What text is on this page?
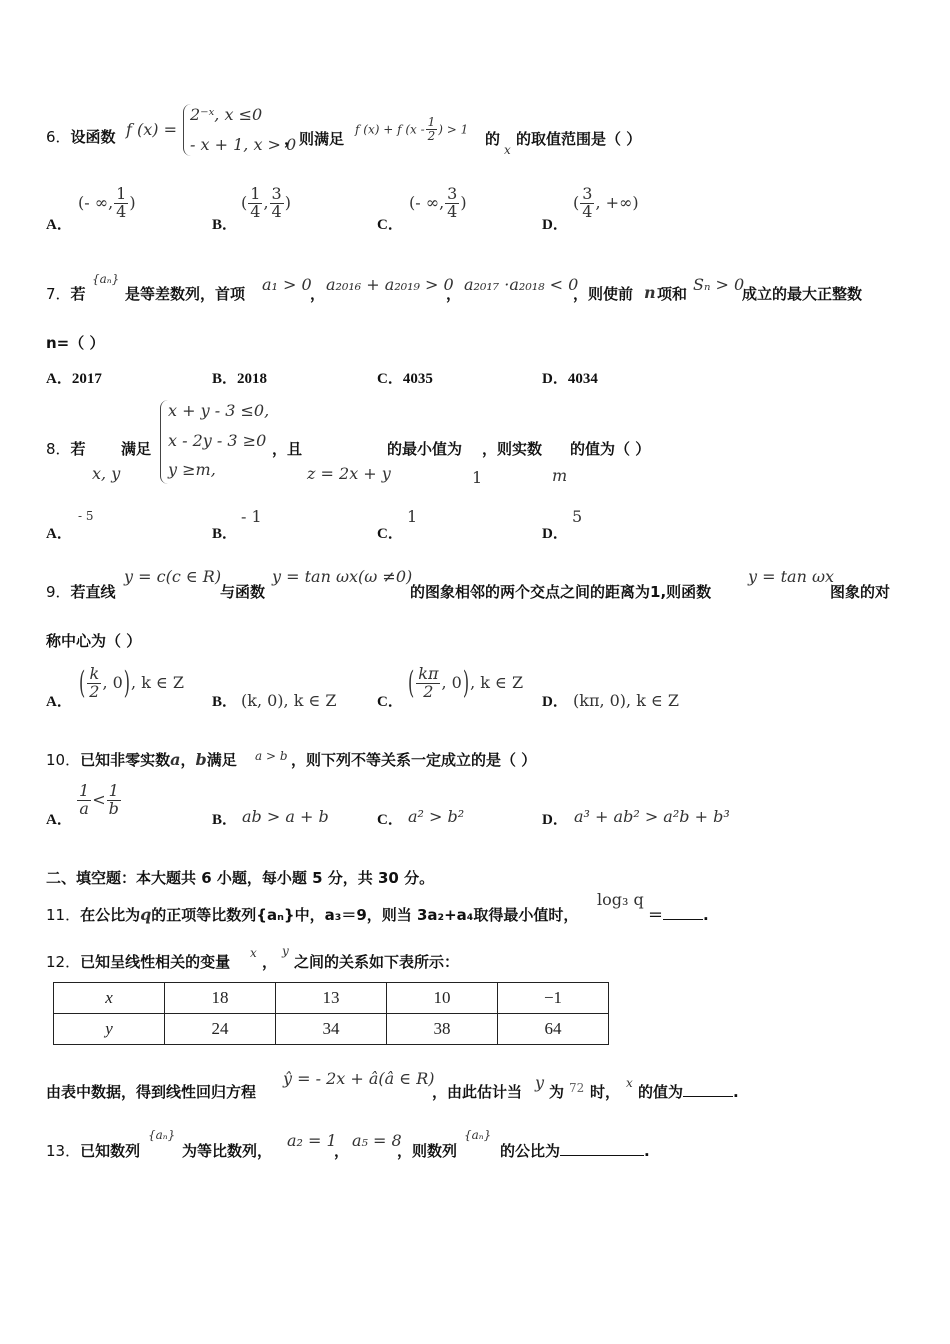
6．设函数 f (x) =
2⁻ˣ, x ≤0
- x + 1, x > 0
，则满足
f (x) + f ($x - \frac{1}{2}$ ) > 1
的
x
的取值范围是（ ）
A．
(- ∞, $\frac{1}{4}$ )
B．
( $\frac{1}{4}$ , $\frac{3}{4}$ )
C．
(- ∞, $\frac{3}{4}$ )
D．
( $\frac{3}{4}$ , +∞)
7．若
{aₙ}
是等差数列，首项 a₁ > 0
， a₂₀₁₆ + a₂₀₁₉ > 0
， a₂₀₁₇ ·a₂₀₁₈ < 0
，则使前 n 项和 Sₙ > 0
成立的最大正整数
n=（ ）
A．2017	B．2018	C．4035	D．4034
8．若 满足
x, y
x + y - 3 ≤0,
x - 2y - 3 ≥0
y ≥m,
，且
z = 2x + y
的最小值为
1
，则实数
m
的值为（ ）
A．
- 5
B．
- 1
C．
1
D．
5
9．若直线
y = c(c ∈ R)
与函数
y = tan ωx(ω ≠0)
的图象相邻的两个交点之间的距离为1,则函数
y = tan ωx
图象的对
称中心为（ ）
A．
( $\frac{k}{2}$ , 0), k ∈ Z
B． (k, 0), k ∈ Z	C．
( $\frac{k\pi}{2}$ , 0), k ∈ Z
D． (kπ, 0), k ∈ Z
10．已知非零实数a，b满足 a > b ，则下列不等关系一定成立的是（ ）
A．
$\frac{1}{a} < \frac{1}{b}$
B． ab > a + b	C． a² > b²	D． a³ + ab² > a²b + b³
二、填空题：本大题共 6 小题，每小题 5 分，共 30 分。
11．在公比为q的正项等比数列{aₙ}中，a₃＝9，则当 3a₂+a₄取得最小值时，
log₃ q
＝	.
12．已知呈线性相关的变量 x ，
y
之间的关系如下表所示：
x	18	13	10	−1
y	24	34	38	64
由表中数据，得到线性回归方程
ŷ = - 2x + â(â ∈ R)
，由此估计当 y 为 72 时， x 的值为	.
13．已知数列
{aₙ}
为等比数列，
a₂ = 1
，
a₅ = 8
，则数列
{aₙ}
的公比为	.
